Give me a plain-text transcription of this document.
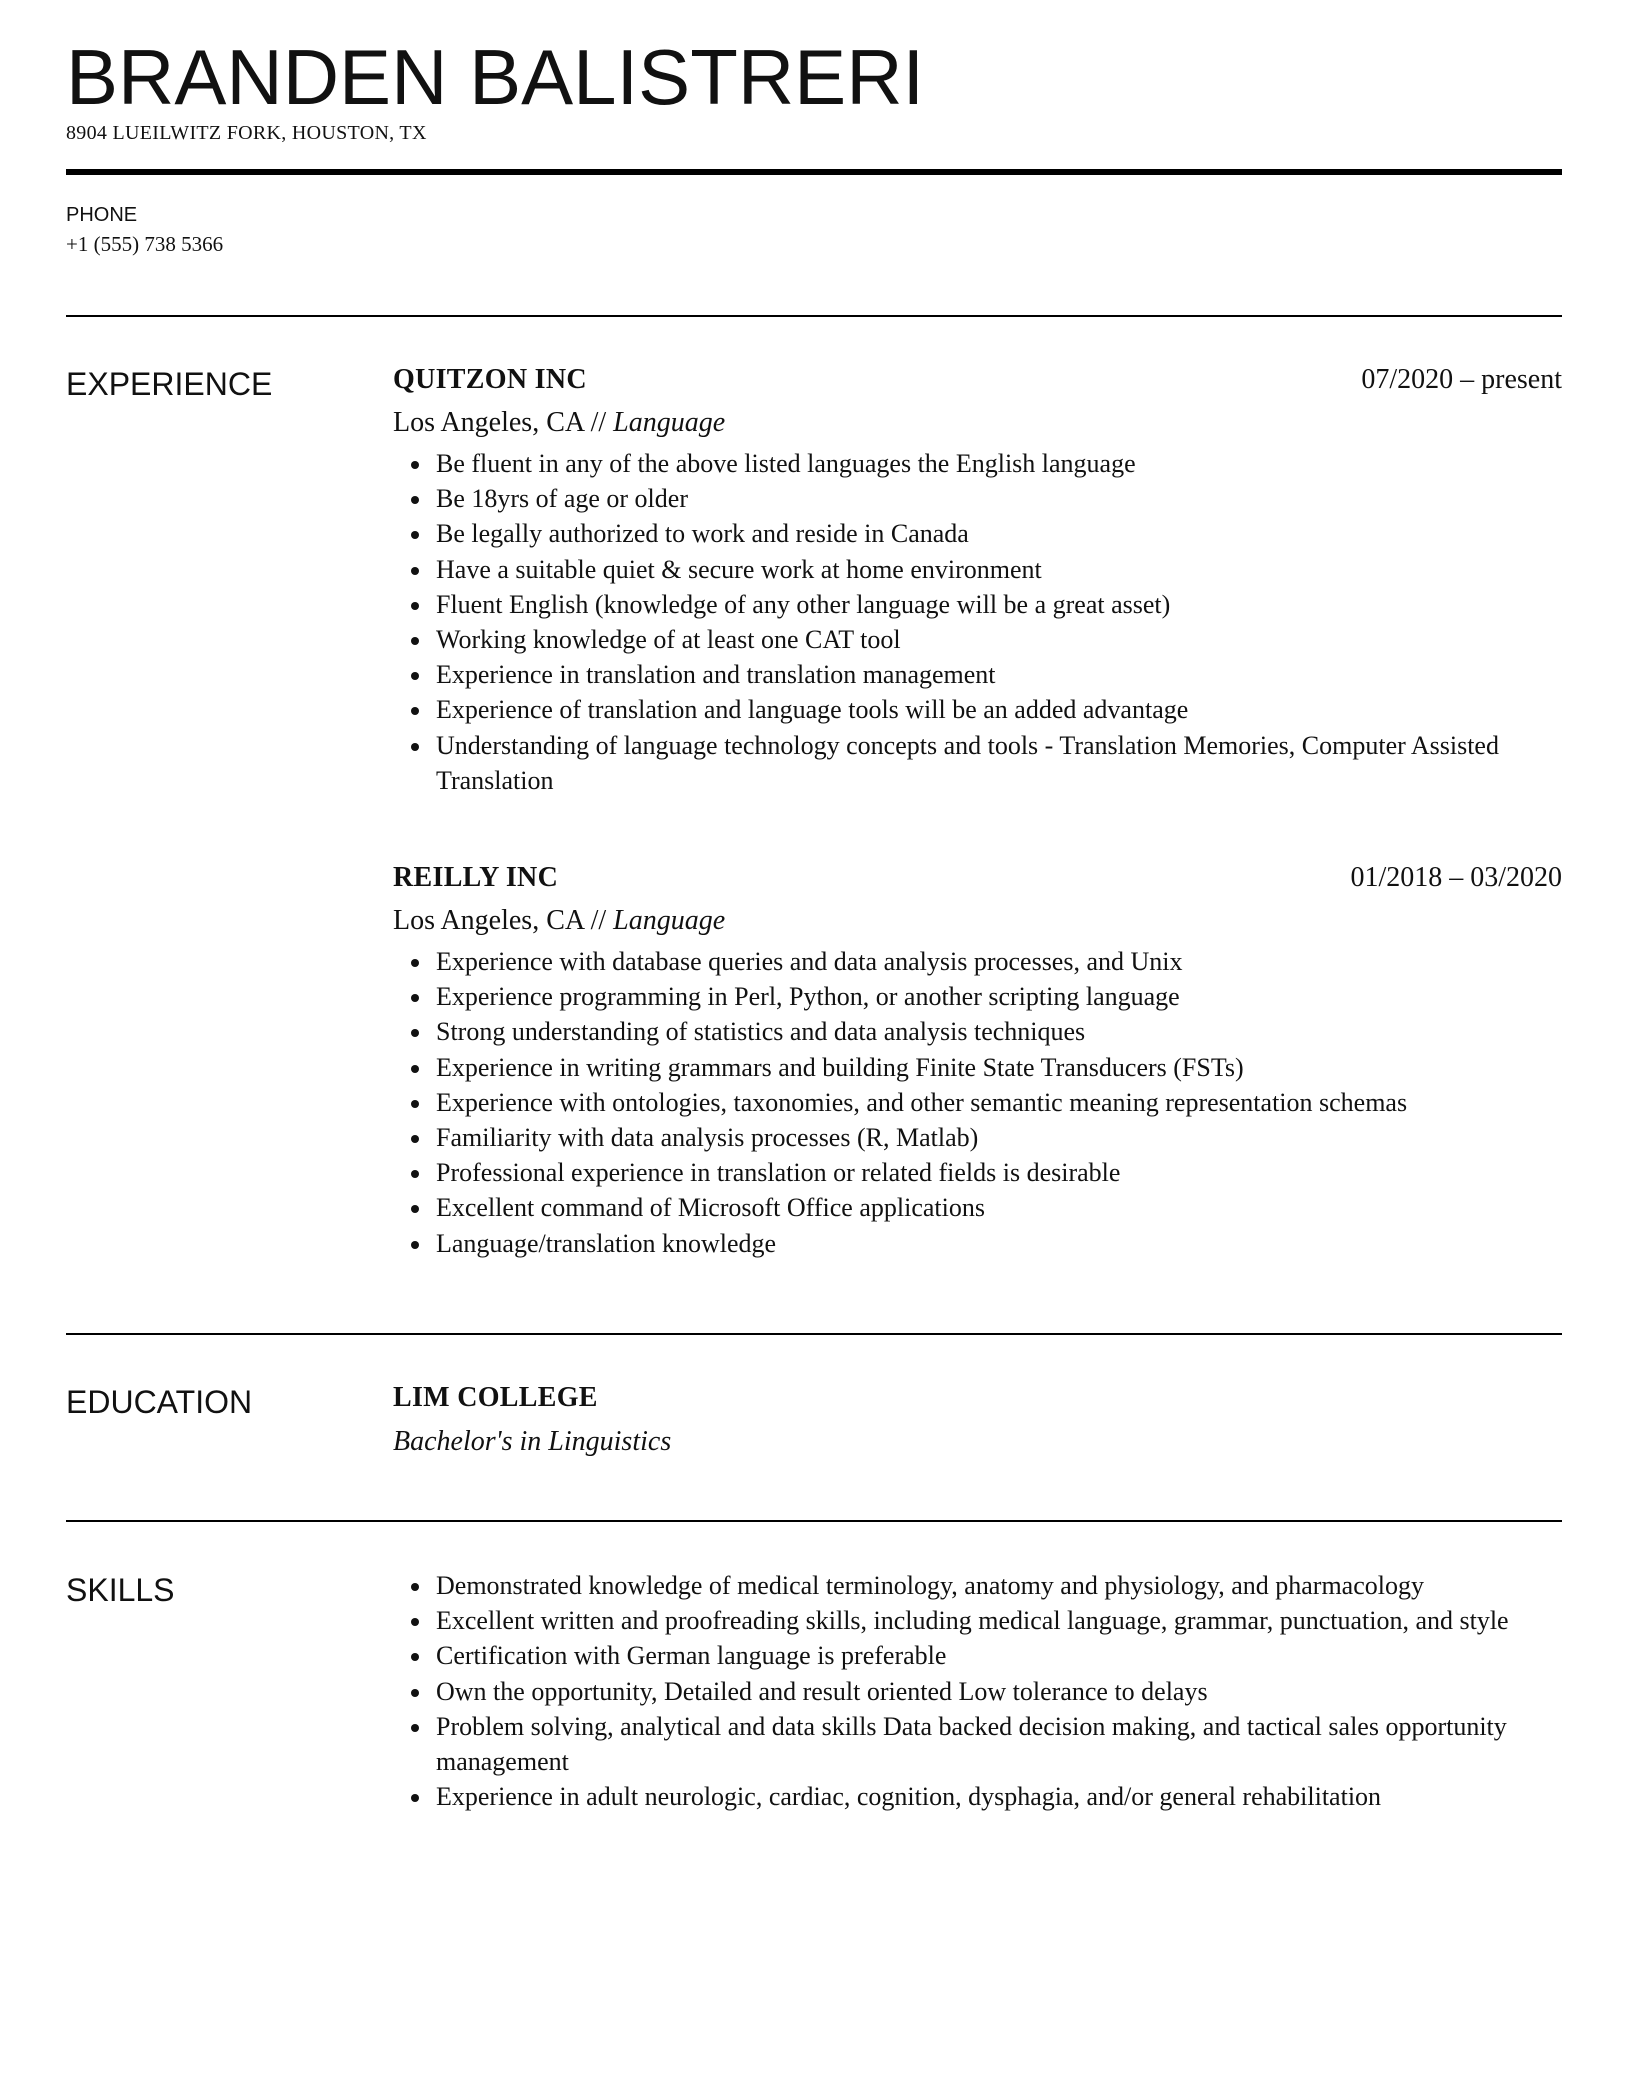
BRANDEN BALISTRERI
8904 LUEILWITZ FORK, HOUSTON, TX
PHONE
+1 (555) 738 5366
EXPERIENCE	QUITZON INC	07/2020 – present
Los Angeles, CA // Language
Be fluent in any of the above listed languages the English language
Be 18yrs of age or older
Be legally authorized to work and reside in Canada
Have a suitable quiet & secure work at home environment
Fluent English (knowledge of any other language will be a great asset)
Working knowledge of at least one CAT tool
Experience in translation and translation management
Experience of translation and language tools will be an added advantage
Understanding of language technology concepts and tools - Translation Memories, Computer Assisted Translation
REILLY INC	01/2018 – 03/2020
Los Angeles, CA // Language
Experience with database queries and data analysis processes, and Unix
Experience programming in Perl, Python, or another scripting language
Strong understanding of statistics and data analysis techniques
Experience in writing grammars and building Finite State Transducers (FSTs)
Experience with ontologies, taxonomies, and other semantic meaning representation schemas
Familiarity with data analysis processes (R, Matlab)
Professional experience in translation or related fields is desirable
Excellent command of Microsoft Office applications
Language/translation knowledge
EDUCATION	LIM COLLEGE
Bachelor's in Linguistics
SKILLS	Demonstrated knowledge of medical terminology, anatomy and physiology, and pharmacology
Excellent written and proofreading skills, including medical language, grammar, punctuation, and style
Certification with German language is preferable
Own the opportunity, Detailed and result oriented Low tolerance to delays
Problem solving, analytical and data skills Data backed decision making, and tactical sales opportunity management
Experience in adult neurologic, cardiac, cognition, dysphagia, and/or general rehabilitation
